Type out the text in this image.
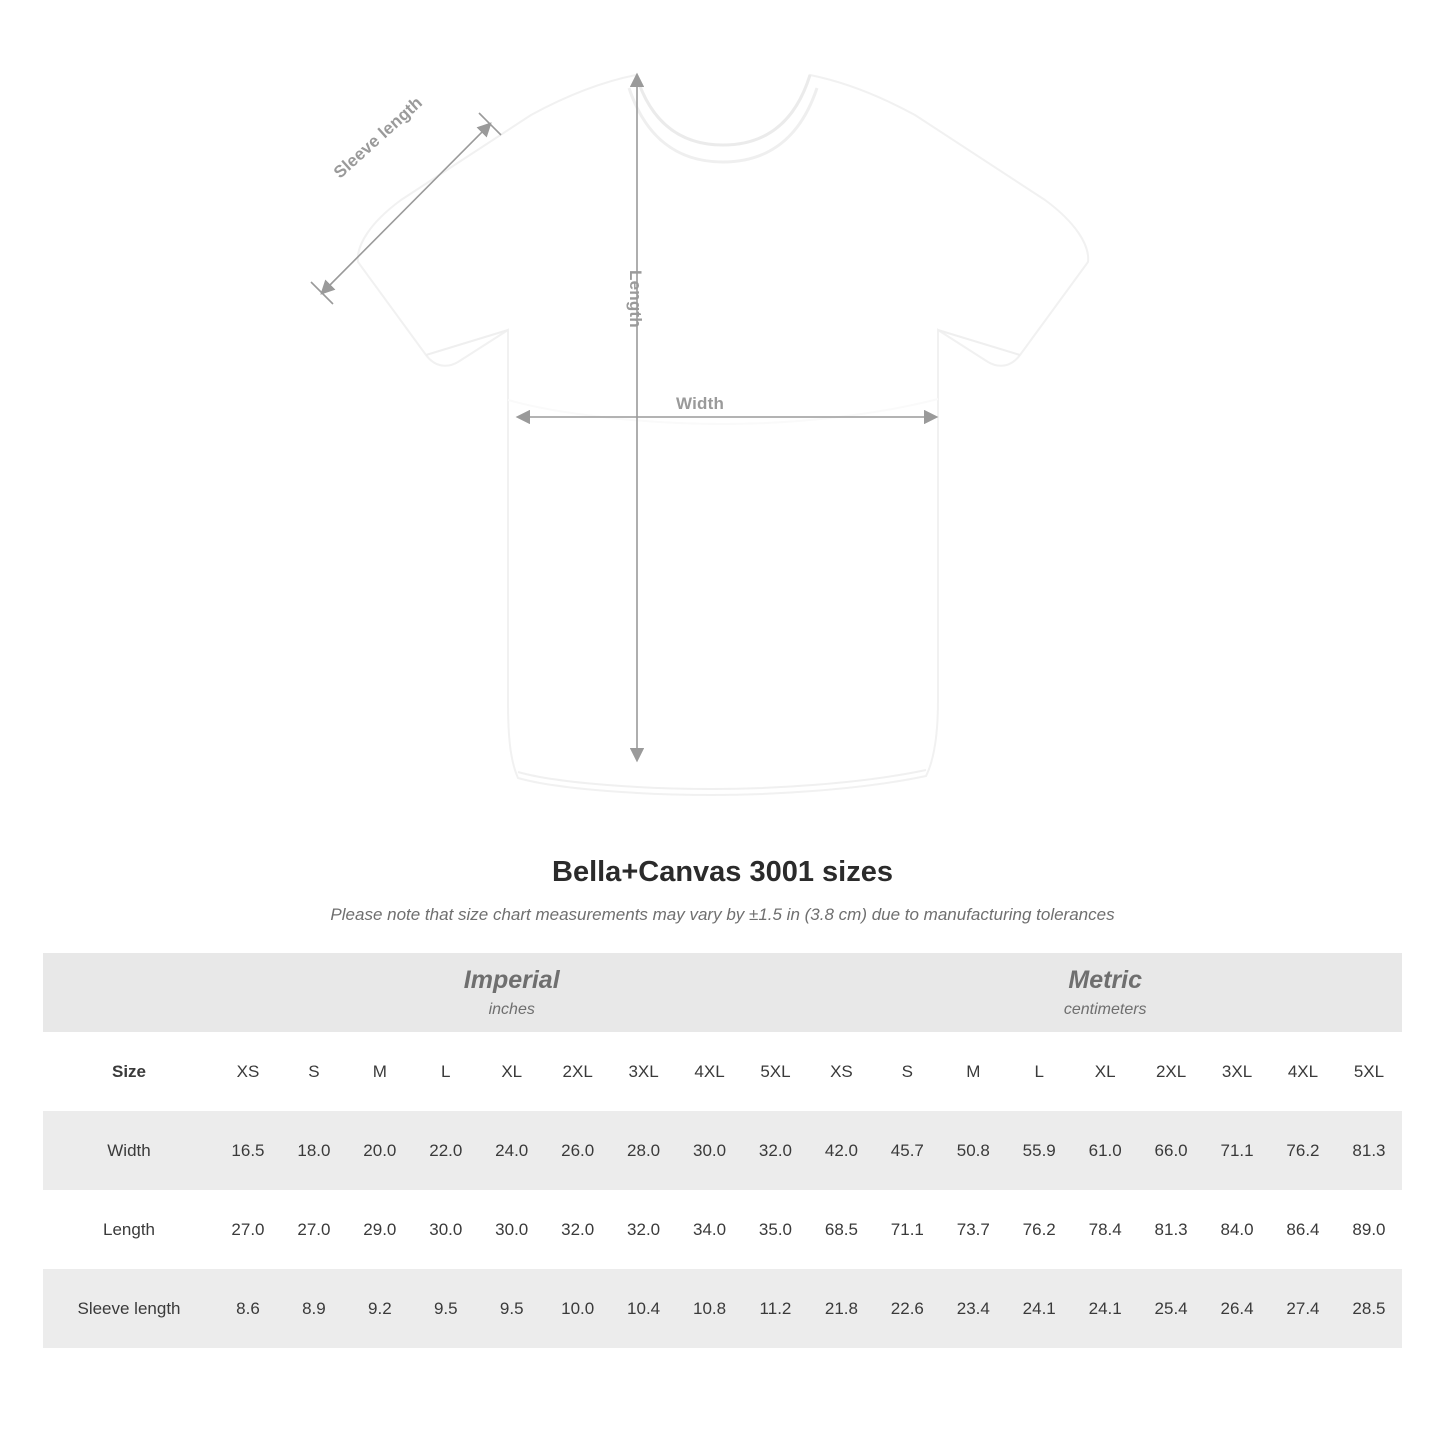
Sleeve length
Length
Width
Bella+Canvas 3001 sizes
Please note that size chart measurements may vary by ±1.5 in (3.8 cm) due to manufacturing tolerances

Imperial
inches

Metric
centimeters

Size	XS	S	M	L	XL	2XL	3XL	4XL	5XL	XS	S	M	L	XL	2XL	3XL	4XL	5XL
Width	16.5	18.0	20.0	22.0	24.0	26.0	28.0	30.0	32.0	42.0	45.7	50.8	55.9	61.0	66.0	71.1	76.2	81.3
Length	27.0	27.0	29.0	30.0	30.0	32.0	32.0	34.0	35.0	68.5	71.1	73.7	76.2	78.4	81.3	84.0	86.4	89.0
Sleeve length	8.6	8.9	9.2	9.5	9.5	10.0	10.4	10.8	11.2	21.8	22.6	23.4	24.1	24.1	25.4	26.4	27.4	28.5
